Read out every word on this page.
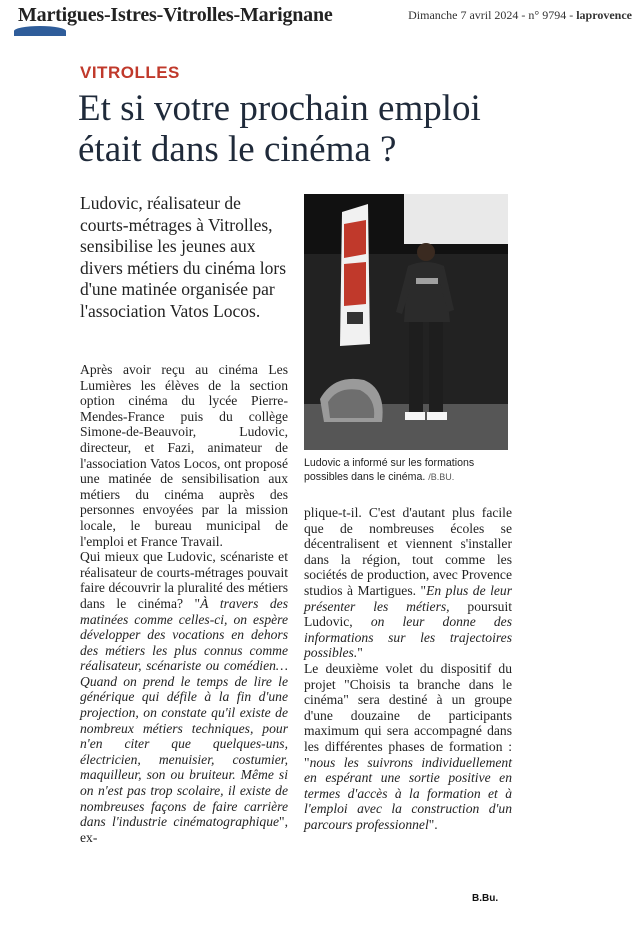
Martigues-Istres-Vitrolles-Marignane	Dimanche 7 avril 2024 - n° 9794 - laprovence
VITROLLES
Et si votre prochain emploi était dans le cinéma ?
Ludovic, réalisateur de courts-métrages à Vitrolles, sensibilise les jeunes aux divers métiers du cinéma lors d'une matinée organisée par l'association Vatos Locos.
Ludovic a informé sur les formations possibles dans le cinéma. /B.BU.

Après avoir reçu au cinéma Les Lumières les élèves de la section option cinéma du lycée Pierre-Mendes-France puis du collège Simone-de-Beauvoir, Ludovic, directeur, et Fazi, animateur de l'association Vatos Locos, ont proposé une matinée de sensibilisation aux métiers du cinéma auprès des personnes envoyées par la mission locale, le bureau municipal de l'emploi et France Travail.

Qui mieux que Ludovic, scénariste et réalisateur de courts-métrages pouvait faire découvrir la pluralité des métiers dans le cinéma? "À travers des matinées comme celles-ci, on espère développer des vocations en dehors des métiers les plus connus comme réalisateur, scénariste ou comédien… Quand on prend le temps de lire le générique qui défile à la fin d'une projection, on constate qu'il existe de nombreux métiers techniques, pour n'en citer que quelques-uns, électricien, menuisier, costumier, maquilleur, son ou bruiteur. Même si on n'est pas trop scolaire, il existe de nombreuses façons de faire carrière dans l'industrie cinématographique", ex-

plique-t-il. C'est d'autant plus facile que de nombreuses écoles se décentralisent et viennent s'installer dans la région, tout comme les sociétés de production, avec Provence studios à Martigues. "En plus de leur présenter les métiers, poursuit Ludovic, on leur donne des informations sur les trajectoires possibles."

Le deuxième volet du dispositif du projet "Choisis ta branche dans le cinéma" sera destiné à un groupe d'une douzaine de participants maximum qui sera accompagné dans les différentes phases de formation : "nous les suivrons individuellement en espérant une sortie positive en termes d'accès à la formation et à l'emploi avec la construction d'un parcours professionnel".

B.Bu.
